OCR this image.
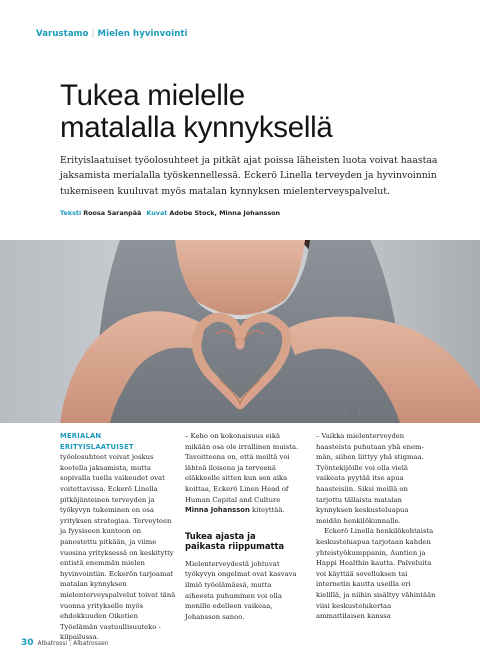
Varustamo | Mielen hyvinvointi
Tukea mielelle
matalalla kynnyksellä

Erityislaatuiset työolosuhteet ja pitkät ajat poissa läheisten luota voivat haastaa jaksamista merialalla työskennellessä. Eckerö Linella terveyden ja hyvinvoinnin tukemiseen kuuluvat myös matalan kynnyksen mielenterveyspalvelut.

Teksti Roosa Saranpää Kuvat Adobe Stock, Minna Johansson

MERIALAN ERITYISLAATUISET
työolosuhteet voivat joskus koetella jaksamista, mutta sopivalla tuella vaikeudet ovat voitettavissa. Eckerö Linella pitkäjänteinen terveyden ja työkyvyn tukeminen on osa yrityksen strategiaa. Terveyteen ja fyysiseen kuntoon on panostettu pitkään, ja viime vuosina yrityksessä on keskitytty entistä enemmän mielen hyvinvointiin. Eckerön tarjoamat matalan kynnyksen mielenterveyspalvelut toivat tänä vuonna yritykselle myös ehdokkuuden Oikotien Työelämän vastuullisuuteko -kilpailussa.

– Keho on kokonaisuus eikä mikään osa ole irrallinen muista. Tavoitteena on, että meiltä voi lähteä iloisena ja terveenä eläkkeelle sitten kun sen aika koittaa, Eckerö Linen Head of Human Capital and Culture Minna Johansson kiteyttää.

Tukea ajasta ja paikasta riippumatta

Mielenterveydestä johtuvat työkyvyn ongelmat ovat kasvava ilmiö työelämässä, mutta aiheesta puhuminen voi olla monille edelleen vaikeaa, Johansson sanoo.

– Vaikka mielenterveyden haasteista puhutaan yhä enemmän, siihen liittyy yhä stigmaa. Työntekijöille voi olla vielä vaikeata pyytää itse apua haasteisiin. Siksi meillä on tarjottu tällaista matalan kynnyksen keskusteluapua meidän henkilökunnalle.

Eckerö Linella henkilökohtaista keskusteluapua tarjotaan kahden yhteistyökumppanin, Auntien ja Happi Healthin kautta. Palveluita voi käyttää sovelluksen tai internetin kautta useilla eri kielillä, ja niihin sisältyy vähintään viisi keskustelukertaa ammattilaisen kanssa

30 Albatrossi | Albatrossen
